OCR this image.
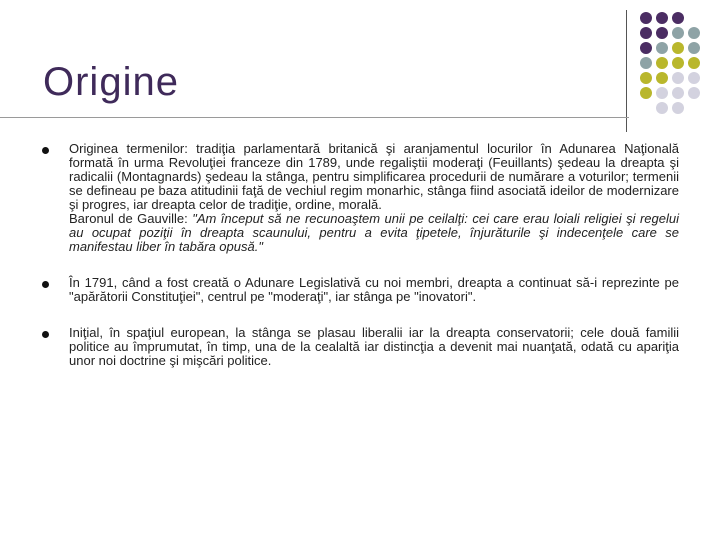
Origine
Originea termenilor: tradiţia parlamentară britanică şi aranjamentul locurilor în Adunarea Naţională formată în urma Revoluţiei franceze din 1789, unde regaliştii moderaţi (Feuillants) şedeau la dreapta şi radicalii (Montagnards) şedeau la stânga, pentru simplificarea procedurii de numărare a voturilor; termenii se defineau pe baza atitudinii faţă de vechiul regim monarhic, stânga fiind asociată ideilor de modernizare şi progres, iar dreapta celor de tradiţie, ordine, morală.
Baronul de Gauville: "Am început să ne recunoaştem unii pe ceilalţi: cei care erau loiali religiei şi regelui au ocupat poziţii în dreapta scaunului, pentru a evita ţipetele, înjurăturile şi indecenţele care se manifestau liber în tabăra opusă."
În 1791, când a fost creată o Adunare Legislativă cu noi membri, dreapta a continuat să-i reprezinte pe "apărătorii Constituţiei", centrul pe "moderaţi", iar stânga pe "inovatori".
Iniţial, în spaţiul european, la stânga se plasau liberalii iar la dreapta conservatorii; cele două familii politice au împrumutat, în timp, una de la cealaltă iar distincţia a devenit mai nuanţată, odată cu apariţia unor noi doctrine şi mişcări politice.
